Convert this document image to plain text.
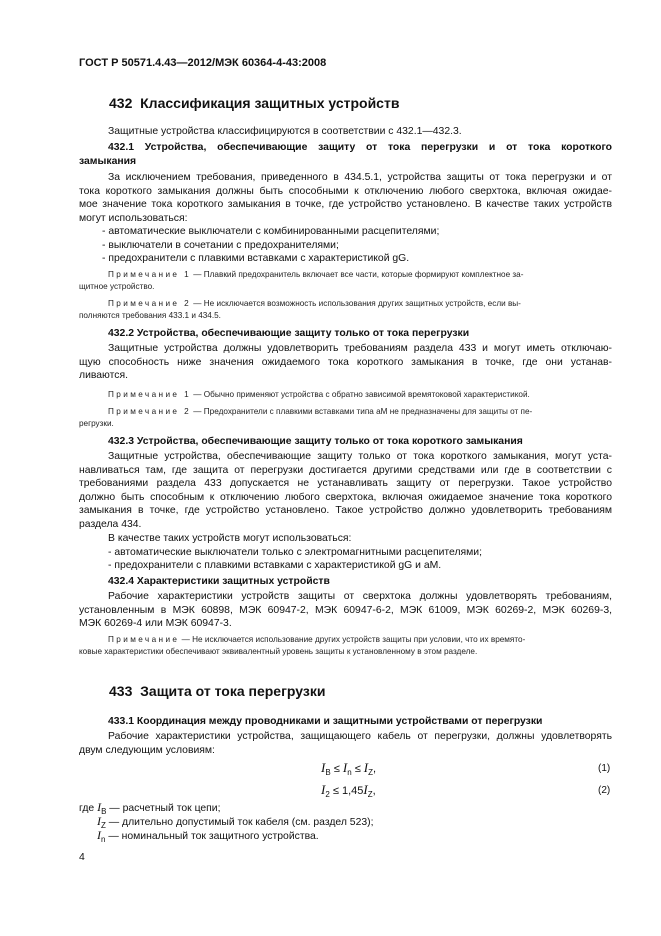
ГОСТ Р 50571.4.43—2012/МЭК 60364-4-43:2008
432 Классификация защитных устройств
Защитные устройства классифицируются в соответствии с 432.1—432.3.
432.1 Устройства, обеспечивающие защиту от тока перегрузки и от тока короткого
замыкания
За исключением требования, приведенного в 434.5.1, устройства защиты от тока перегрузки и от
тока короткого замыкания должны быть способными к отключению любого сверхтока, включая ожидае-
мое значение тока короткого замыкания в точке, где устройство установлено. В качестве таких устройств
могут использоваться:
- автоматические выключатели с комбинированными расцепителями;
- выключатели в сочетании с предохранителями;
- предохранители с плавкими вставками с характеристикой gG.
Примечание 1 — Плавкий предохранитель включает все части, которые формируют комплектное за-
щитное устройство.
Примечание 2 — Не исключается возможность использования других защитных устройств, если вы-
полняются требования 433.1 и 434.5.
432.2 Устройства, обеспечивающие защиту только от тока перегрузки
Защитные устройства должны удовлетворить требованиям раздела 433 и могут иметь отключаю-
щую способность ниже значения ожидаемого тока короткого замыкания в точке, где они устанав-
ливаются.
Примечание 1 — Обычно применяют устройства с обратно зависимой времятоковой характеристикой.
Примечание 2 — Предохранители с плавкими вставками типа aM не предназначены для защиты от пе-
регрузки.
432.3 Устройства, обеспечивающие защиту только от тока короткого замыкания
Защитные устройства, обеспечивающие защиту только от тока короткого замыкания, могут уста-
навливаться там, где защита от перегрузки достигается другими средствами или где в соответствии с
требованиями раздела 433 допускается не устанавливать защиту от перегрузки. Такое устройство
должно быть способным к отключению любого сверхтока, включая ожидаемое значение тока короткого
замыкания в точке, где устройство установлено. Такое устройство должно удовлетворить требованиям
раздела 434.
В качестве таких устройств могут использоваться:
- автоматические выключатели только с электромагнитными расцепителями;
- предохранители с плавкими вставками с характеристикой gG и aM.
432.4 Характеристики защитных устройств
Рабочие характеристики устройств защиты от сверхтока должны удовлетворять требованиям,
установленным в МЭК 60898, МЭК 60947-2, МЭК 60947-6-2, МЭК 61009, МЭК 60269-2, МЭК 60269-3,
МЭК 60269-4 или МЭК 60947-3.
Примечание — Не исключается использование других устройств защиты при условии, что их времято-
ковые характеристики обеспечивают эквивалентный уровень защиты к установленному в этом разделе.
433 Защита от тока перегрузки
433.1 Координация между проводниками и защитными устройствами от перегрузки
Рабочие характеристики устройства, защищающего кабель от перегрузки, должны удовлетворять
двум следующим условиям:
$I_B \le I_n \le I_Z$,	(1)
$I_2 \le 1,45I_Z$,	(2)
где $I_B$ — расчетный ток цепи;
$I_Z$ — длительно допустимый ток кабеля (см. раздел 523);
$I_n$ — номинальный ток защитного устройства.
4
